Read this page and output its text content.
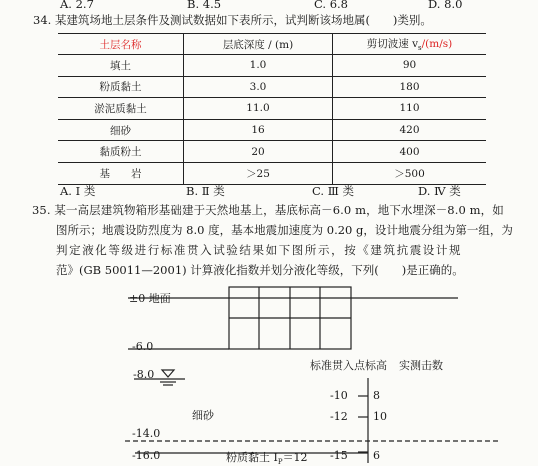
A. 2.7	B. 4.5	C. 6.8	D. 8.0
34. 某建筑场地土层条件及测试数据如下表所示，试判断该场地属(　　)类别。
土层名称	层底深度 / (m)	剪切波速 $v_s/(m/s)$
填土	1.0	90
粉质黏土	3.0	180
淤泥质黏土	11.0	110
细砂	16	420
黏质粉土	20	400
基　　岩	＞25	＞500
A. Ⅰ 类	B. Ⅱ 类	C. Ⅲ 类	D. Ⅳ 类
35. 某一高层建筑物箱形基础建于天然地基上，基底标高－6.0 m，地下水埋深－8.0 m，如
图所示；地震设防烈度为 8.0 度，基本地震加速度为 0.20 g，设计地震分组为第一组，为
判定液化等级进行标准贯入试验结果如下图所示，按《建筑抗震设计规
范》(GB 50011—2001) 计算液化指数并划分液化等级，下列(　　)是正确的。
±0 地面
-6.0
-8.0
细砂
-14.0
-16.0	粉质黏土 $I_P=12$
标准贯入点标高 实测击数
-10 8
-12 10
-15 6
